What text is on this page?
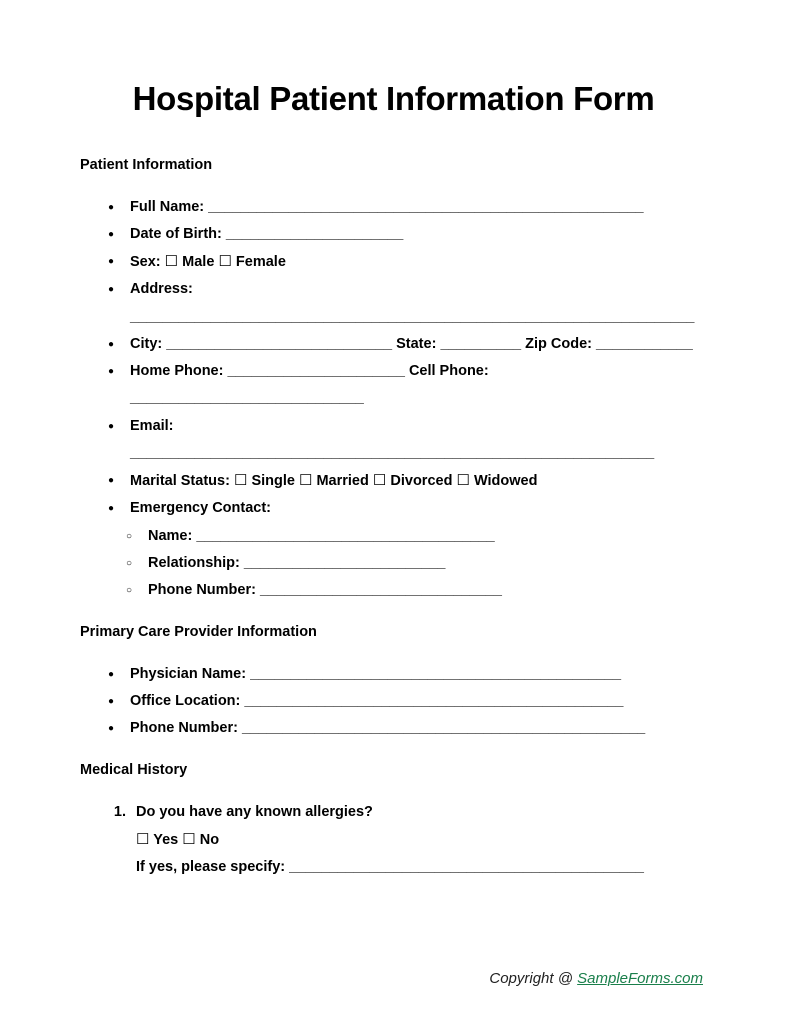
Hospital Patient Information Form
Patient Information
● Full Name: ______________________________________________________
● Date of Birth: ______________________
● Sex: ☐ Male ☐ Female
● Address:
______________________________________________________________________
● City: ____________________________ State: __________ Zip Code: ____________
● Home Phone: ______________________ Cell Phone: _____________________________
● Email:
_________________________________________________________________
● Marital Status: ☐ Single ☐ Married ☐ Divorced ☐ Widowed
● Emergency Contact:
○ Name: _____________________________________
○ Relationship: _________________________
○ Phone Number: ______________________________
Primary Care Provider Information
● Physician Name: ______________________________________________
● Office Location: _______________________________________________
● Phone Number: __________________________________________________
Medical History
1. Do you have any known allergies?
☐ Yes ☐ No
If yes, please specify: ____________________________________________
Copyright @ SampleForms.com
